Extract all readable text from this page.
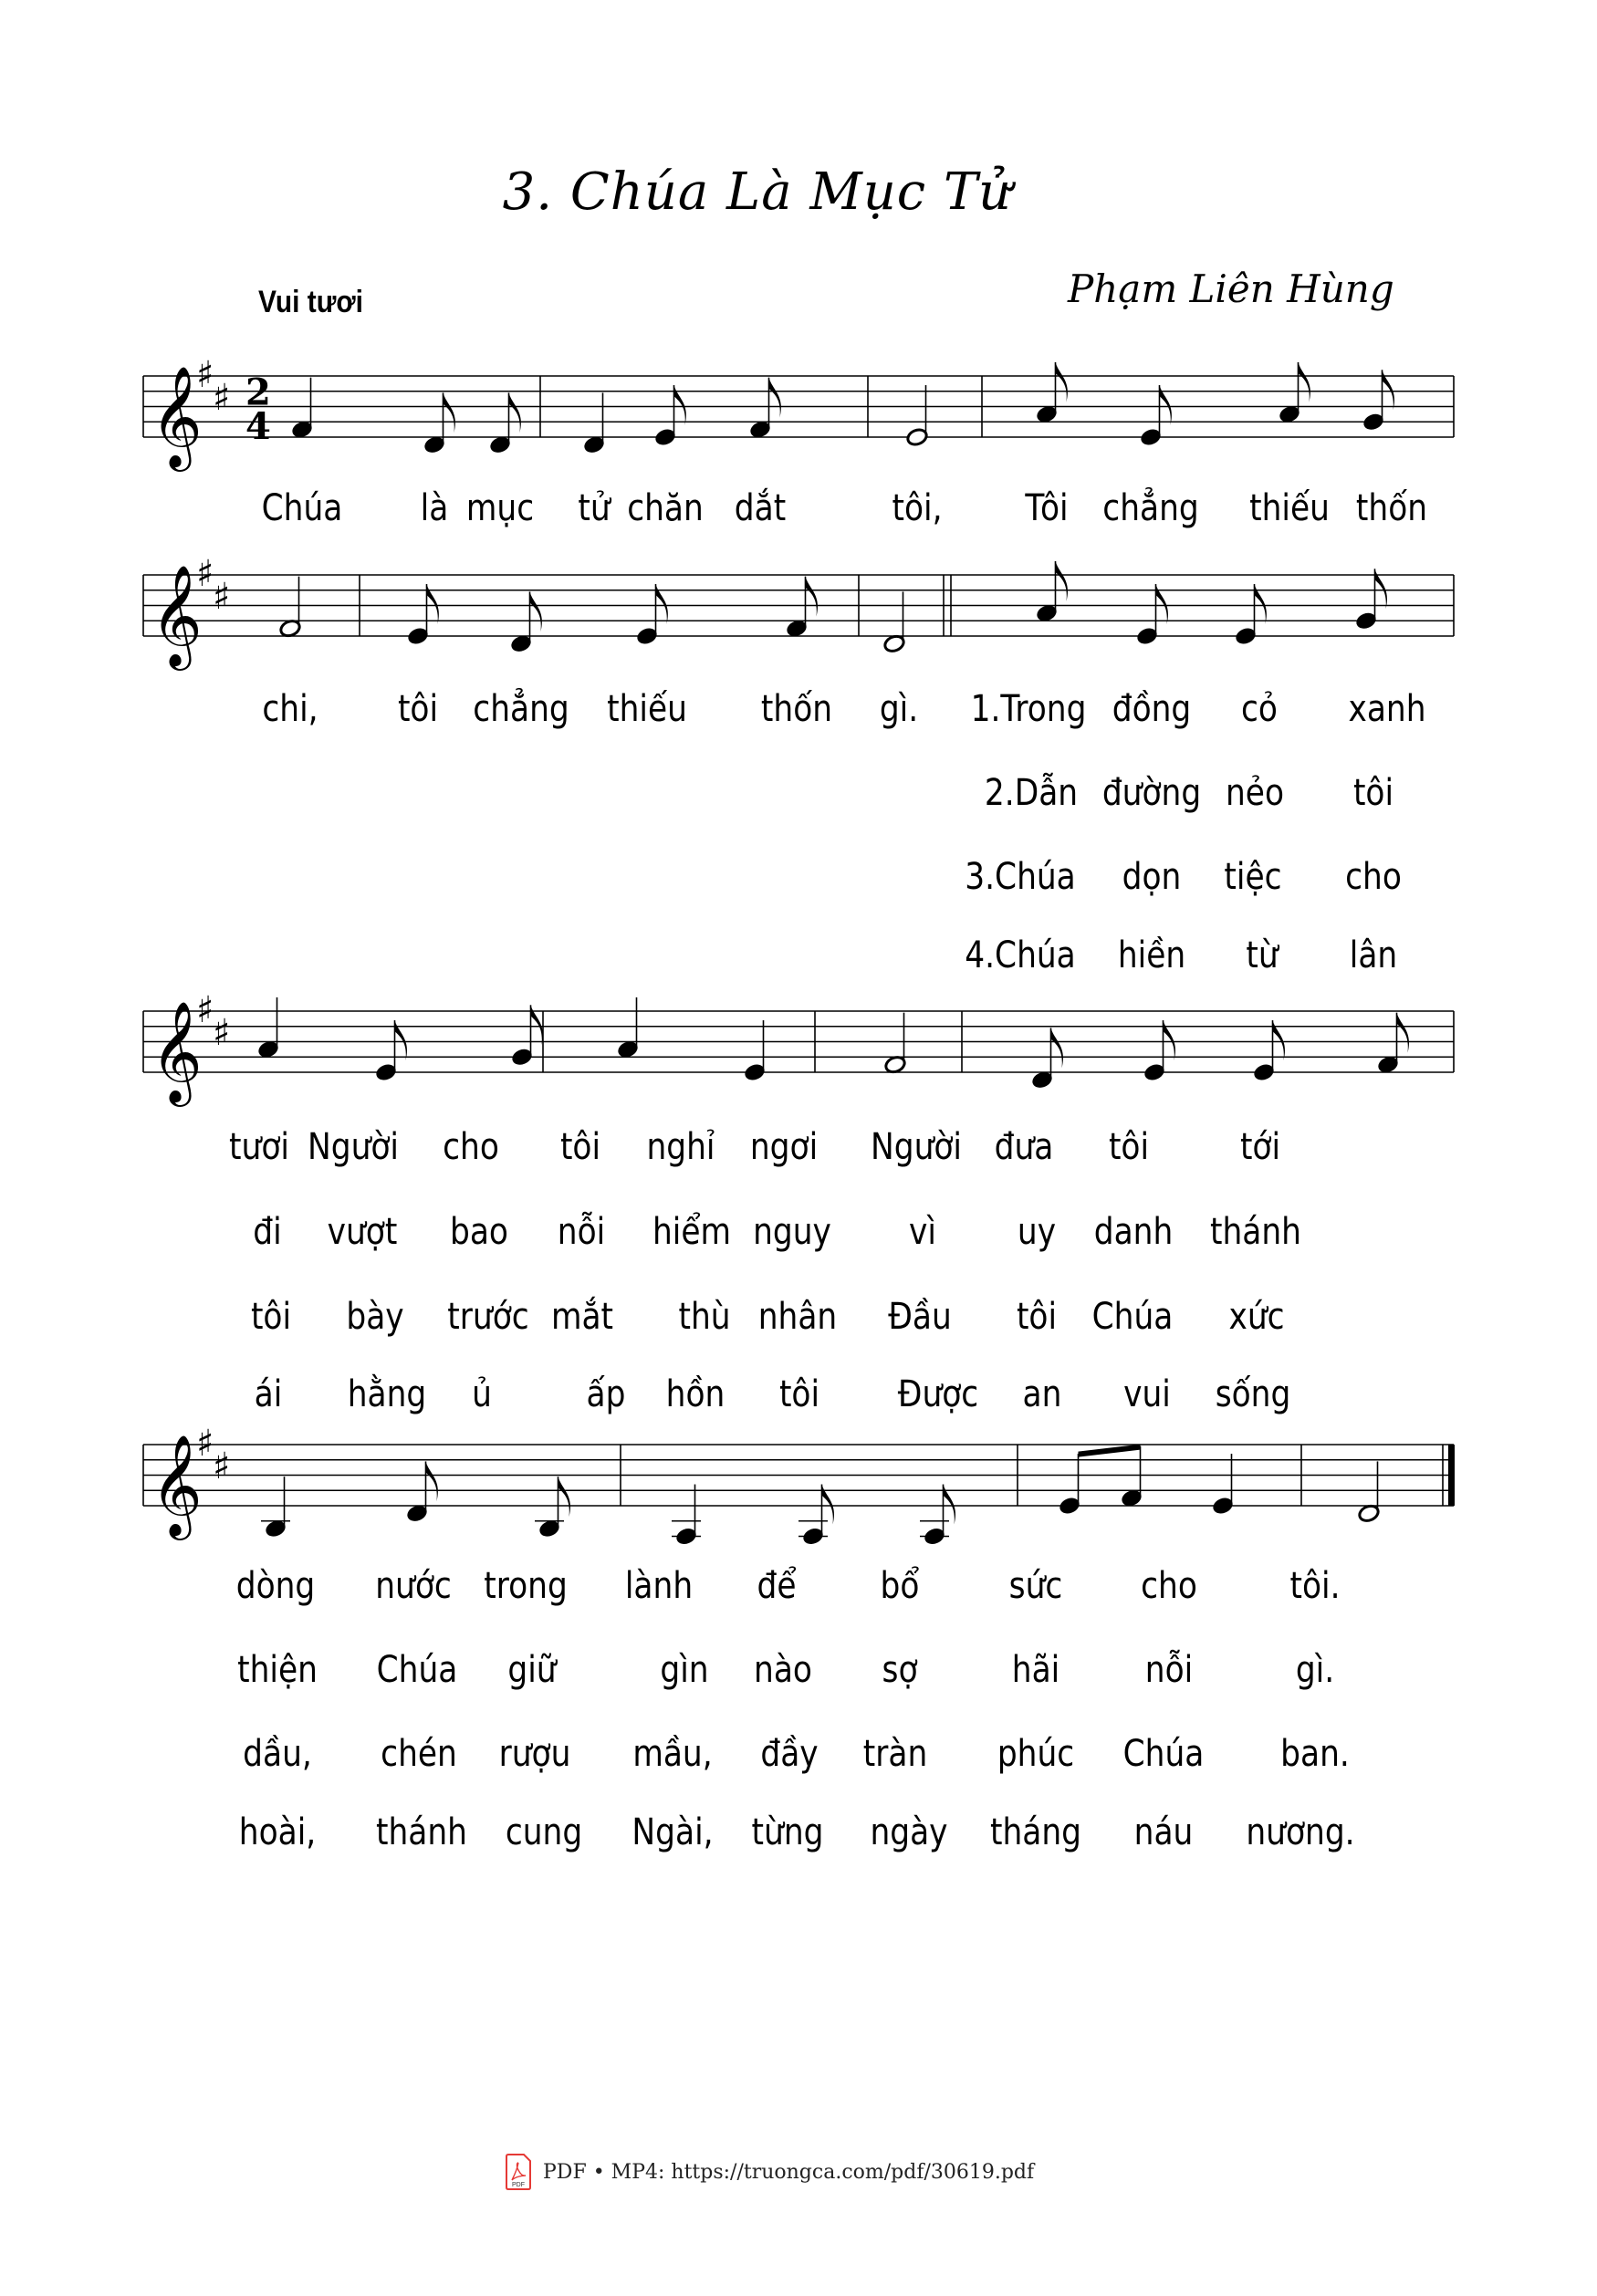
3. Chúa Là Mục Tử
Vui tươi	Phạm Liên Hùng
𝄞
♯
♯ 2
4
𝄞
♯
♯
𝄞
♯
♯
𝄞
♯
♯
Chúa là mục tử chăn dắt	tôi, Tôi chẳng thiếu thốn
chi, tôi chẳng thiếu thốn gì. 1.Trong đồng cỏ xanh
2.Dẫn đường nẻo tôi
3.Chúa dọn tiệc cho
4.Chúa hiền từ lân
tươi Người cho tôi nghỉ ngơi Người đưa tôi tới
đi vượt bao nỗi hiểm nguy vì uy danh thánh
tôi bày trước mắt thù nhân Đầu tôi Chúa xức
ái hằng ủ	ấp hồn tôi Được an vui sống
dòng nước trong lành để bổ sức cho	tôi.
thiện Chúa giữ	gìn nào sợ	hãi nỗi	gì.
dầu, chén rượu mầu, đầy tràn phúc Chúa ban.
hoài, thánh cung Ngài, từng ngày tháng náu nương.
PDF
PDF • MP4: https://truongca.com/pdf/30619.pdf
